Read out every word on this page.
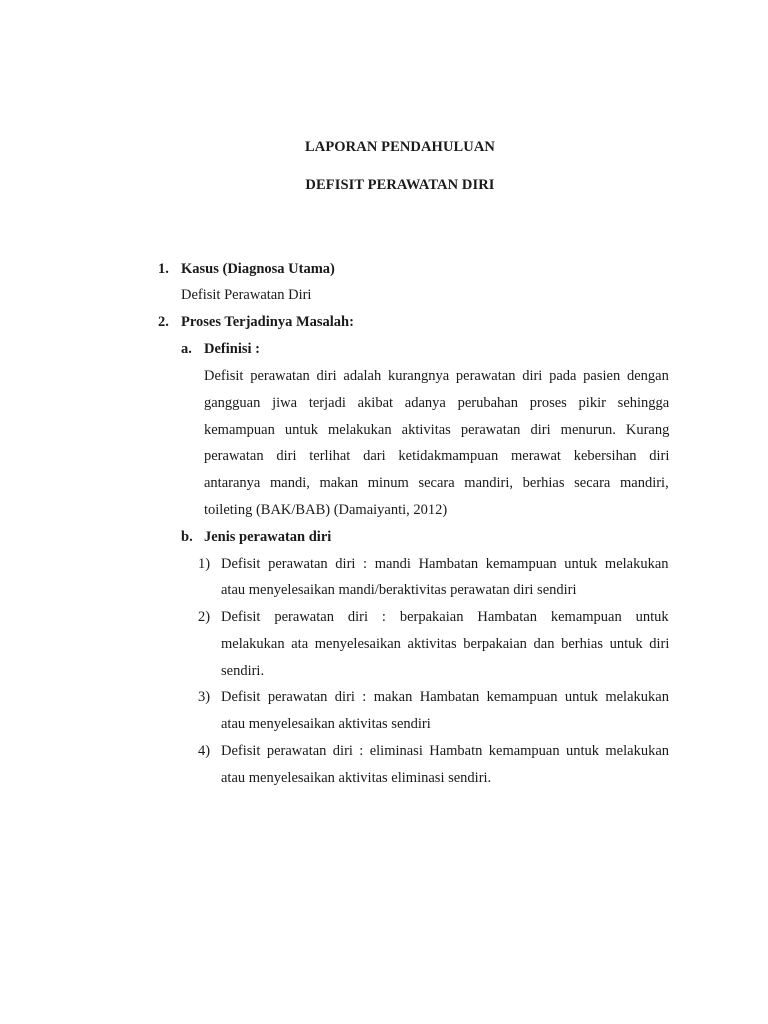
LAPORAN PENDAHULUAN
DEFISIT PERAWATAN DIRI
1. Kasus (Diagnosa Utama)
Defisit Perawatan Diri
2. Proses Terjadinya Masalah:
a. Definisi :
Defisit perawatan diri adalah kurangnya perawatan diri pada pasien dengan
gangguan jiwa terjadi akibat adanya perubahan proses pikir sehingga
kemampuan untuk melakukan aktivitas perawatan diri menurun. Kurang
perawatan diri terlihat dari ketidakmampuan merawat kebersihan diri
antaranya mandi, makan minum secara mandiri, berhias secara mandiri,
toileting (BAK/BAB) (Damaiyanti, 2012)
b. Jenis perawatan diri
1) Defisit perawatan diri : mandi Hambatan kemampuan untuk melakukan
atau menyelesaikan mandi/beraktivitas perawatan diri sendiri
2) Defisit perawatan diri : berpakaian Hambatan kemampuan untuk
melakukan ata menyelesaikan aktivitas berpakaian dan berhias untuk diri
sendiri.
3) Defisit perawatan diri : makan Hambatan kemampuan untuk melakukan
atau menyelesaikan aktivitas sendiri
4) Defisit perawatan diri : eliminasi Hambatn kemampuan untuk melakukan
atau menyelesaikan aktivitas eliminasi sendiri.
